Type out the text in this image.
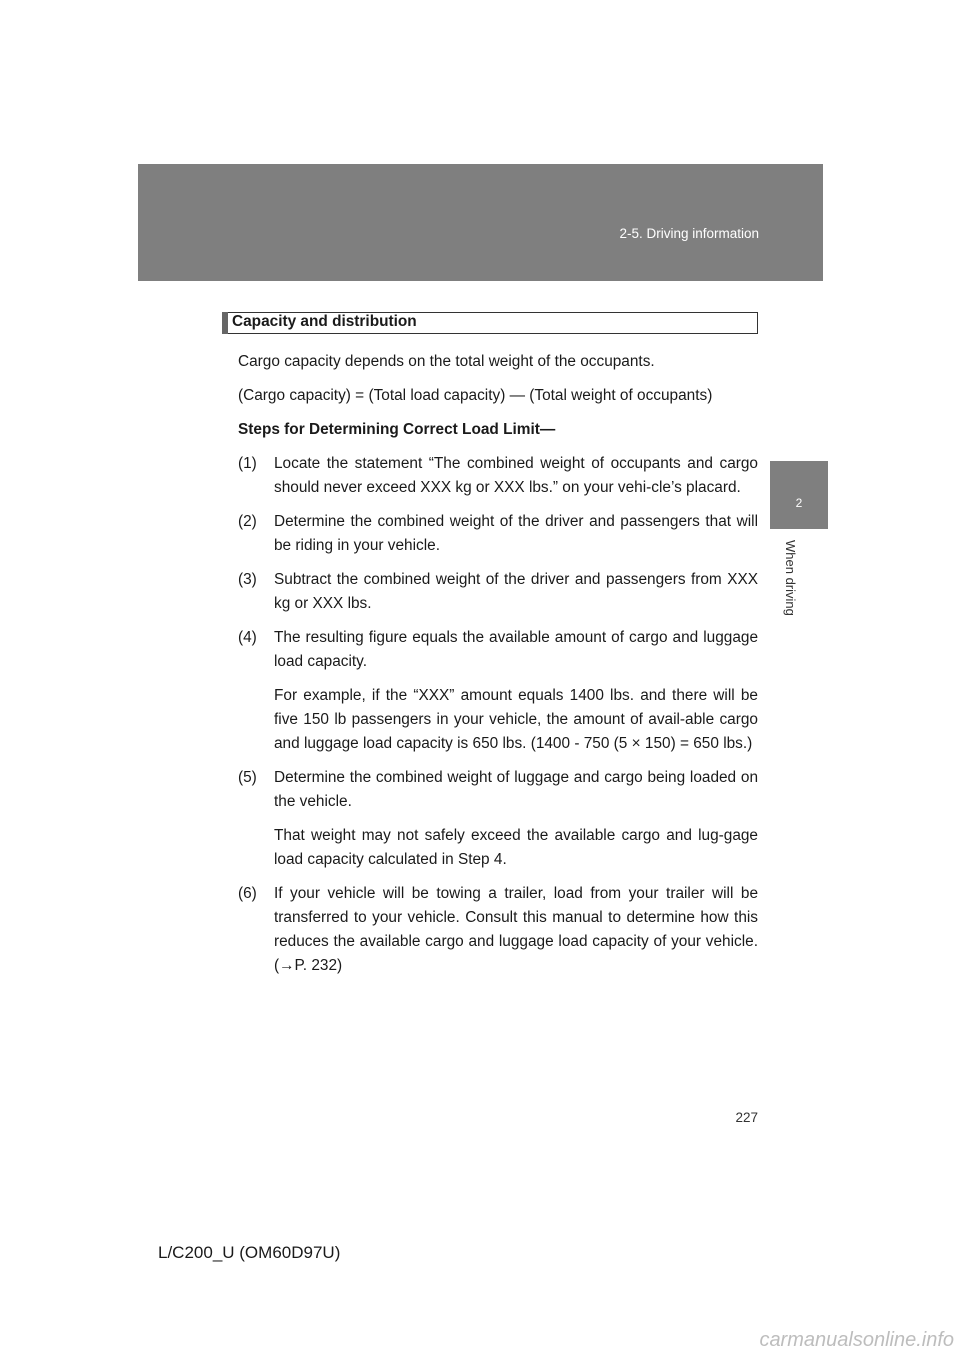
2-5. Driving information
2
When driving
Capacity and distribution

Cargo capacity depends on the total weight of the occupants.

(Cargo capacity) = (Total load capacity) — (Total weight of occupants)

Steps for Determining Correct Load Limit—

(1) Locate the statement “The combined weight of occupants and cargo should never exceed XXX kg or XXX lbs.” on your vehi-cle’s placard.
(2) Determine the combined weight of the driver and passengers that will be riding in your vehicle.
(3) Subtract the combined weight of the driver and passengers from XXX kg or XXX lbs.
(4) The resulting figure equals the available amount of cargo and luggage load capacity.
For example, if the “XXX” amount equals 1400 lbs. and there will be five 150 lb passengers in your vehicle, the amount of avail-able cargo and luggage load capacity is 650 lbs. (1400 - 750 (5 × 150) = 650 lbs.)
(5) Determine the combined weight of luggage and cargo being loaded on the vehicle.
That weight may not safely exceed the available cargo and lug-gage load capacity calculated in Step 4.
(6) If your vehicle will be towing a trailer, load from your trailer will be transferred to your vehicle. Consult this manual to determine how this reduces the available cargo and luggage load capacity of your vehicle. (→P. 232)
227
L/C200_U (OM60D97U)
carmanualsonline.info
